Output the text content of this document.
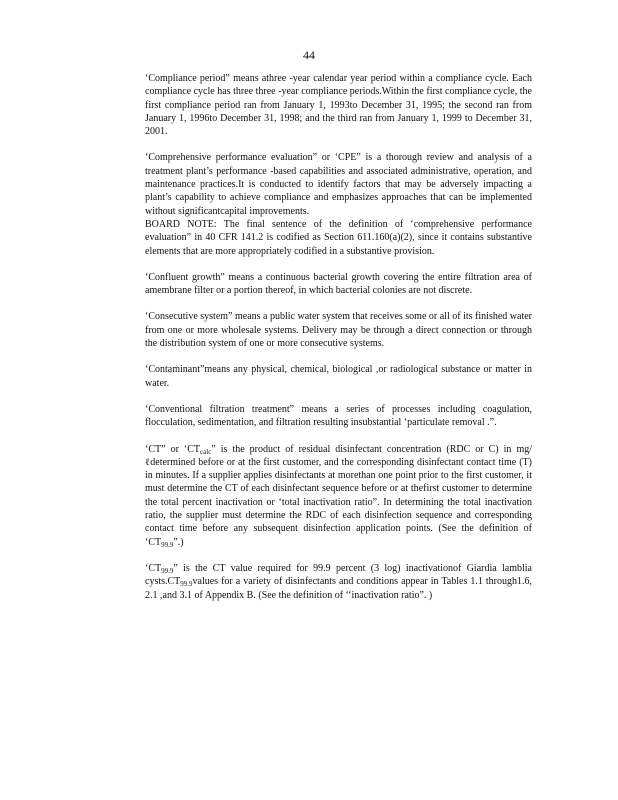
44

‘Compliance period” means athree -year calendar year period within a compliance cycle. Each compliance cycle has three three -year compliance periods.Within the first compliance cycle, the first compliance period ran from January 1, 1993to December 31, 1995; the second ran from January 1, 1996to December 31, 1998; and the third ran from January 1, 1999 to December 31, 2001.

‘Comprehensive performance evaluation” or ‘CPE” is a thorough review and analysis of a treatment plant’s performance -based capabilities and associated administrative, operation, and maintenance practices.It is conducted to identify factors that may be adversely impacting a plant’s capability to achieve compliance and emphasizes approaches that can be implemented without significantcapital improvements.
BOARD NOTE: The final sentence of the definition of ‘comprehensive performance evaluation” in 40 CFR 141.2 is codified as Section 611.160(a)(2), since it contains substantive elements that are more appropriately codified in a substantive provision.

‘Confluent growth” means a continuous bacterial growth covering the entire filtration area of amembrane filter or a portion thereof, in which bacterial colonies are not discrete.

‘Consecutive system” means a public water system that receives some or all of its finished water from one or more wholesale systems. Delivery may be through a direct connection or through the distribution system of one or more consecutive systems.

‘Contaminant”means any physical, chemical, biological ,or radiological substance or matter in water.

‘Conventional filtration treatment” means a series of processes including coagulation, flocculation, sedimentation, and filtration resulting insubstantial ‘particulate removal .”.

‘CT” or ‘$CT_{calc}$” is the product of residual disinfectant concentration (RDC or C) in mg/ ℓdetermined before or at the first customer, and the corresponding disinfectant contact time (T) in minutes. If a supplier applies disinfectants at morethan one point prior to the first customer, it must determine the CT of each disinfectant sequence before or at thefirst customer to determine the total percent inactivation or ‘total inactivation ratio”. In determining the total inactivation ratio, the supplier must determine the RDC of each disinfection sequence and corresponding contact time before any subsequent disinfection application points. (See the definition of ‘$CT_{99.9}$”.)

‘$CT_{99.9}$” is the CT value required for 99.9 percent (3 log) inactivationof Giardia lamblia $cysts.CT_{99.9}values$ for a variety of disinfectants and conditions appear in Tables 1.1 through1.6, 2.1 ,and 3.1 of Appendix B. (See the definition of ‘‘inactivation ratio”. )
